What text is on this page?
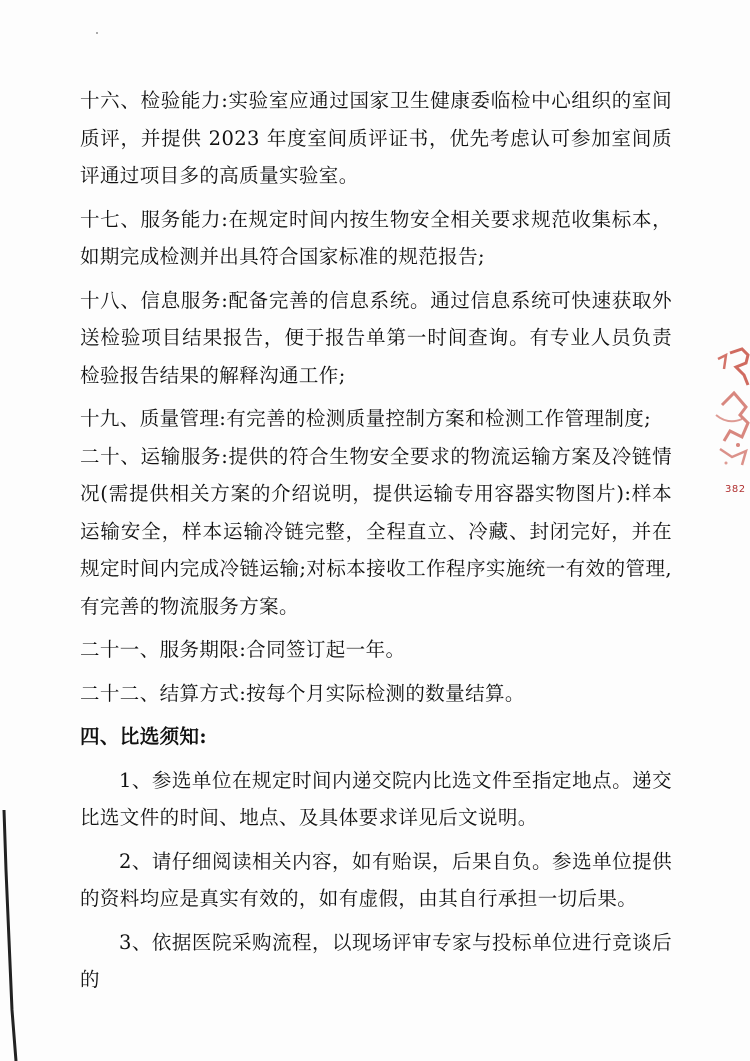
十六、检验能力:实验室应通过国家卫生健康委临检中心组织的室间质评，并提供 2023 年度室间质评证书，优先考虑认可参加室间质评通过项目多的高质量实验室。

十七、服务能力:在规定时间内按生物安全相关要求规范收集标本，如期完成检测并出具符合国家标准的规范报告;

十八、信息服务:配备完善的信息系统。通过信息系统可快速获取外送检验项目结果报告，便于报告单第一时间查询。有专业人员负责检验报告结果的解释沟通工作;

十九、质量管理:有完善的检测质量控制方案和检测工作管理制度;

二十、运输服务:提供的符合生物安全要求的物流运输方案及冷链情况(需提供相关方案的介绍说明，提供运输专用容器实物图片):样本运输安全，样本运输冷链完整，全程直立、冷藏、封闭完好，并在规定时间内完成冷链运输;对标本接收工作程序实施统一有效的管理,有完善的物流服务方案。

二十一、服务期限:合同签订起一年。

二十二、结算方式:按每个月实际检测的数量结算。

四、比选须知:

1、参选单位在规定时间内递交院内比选文件至指定地点。递交比选文件的时间、地点、及具体要求详见后文说明。

2、请仔细阅读相关内容，如有贻误，后果自负。参选单位提供的资料均应是真实有效的，如有虚假，由其自行承担一切后果。

3、依据医院采购流程，以现场评审专家与投标单位进行竞谈后的

382
